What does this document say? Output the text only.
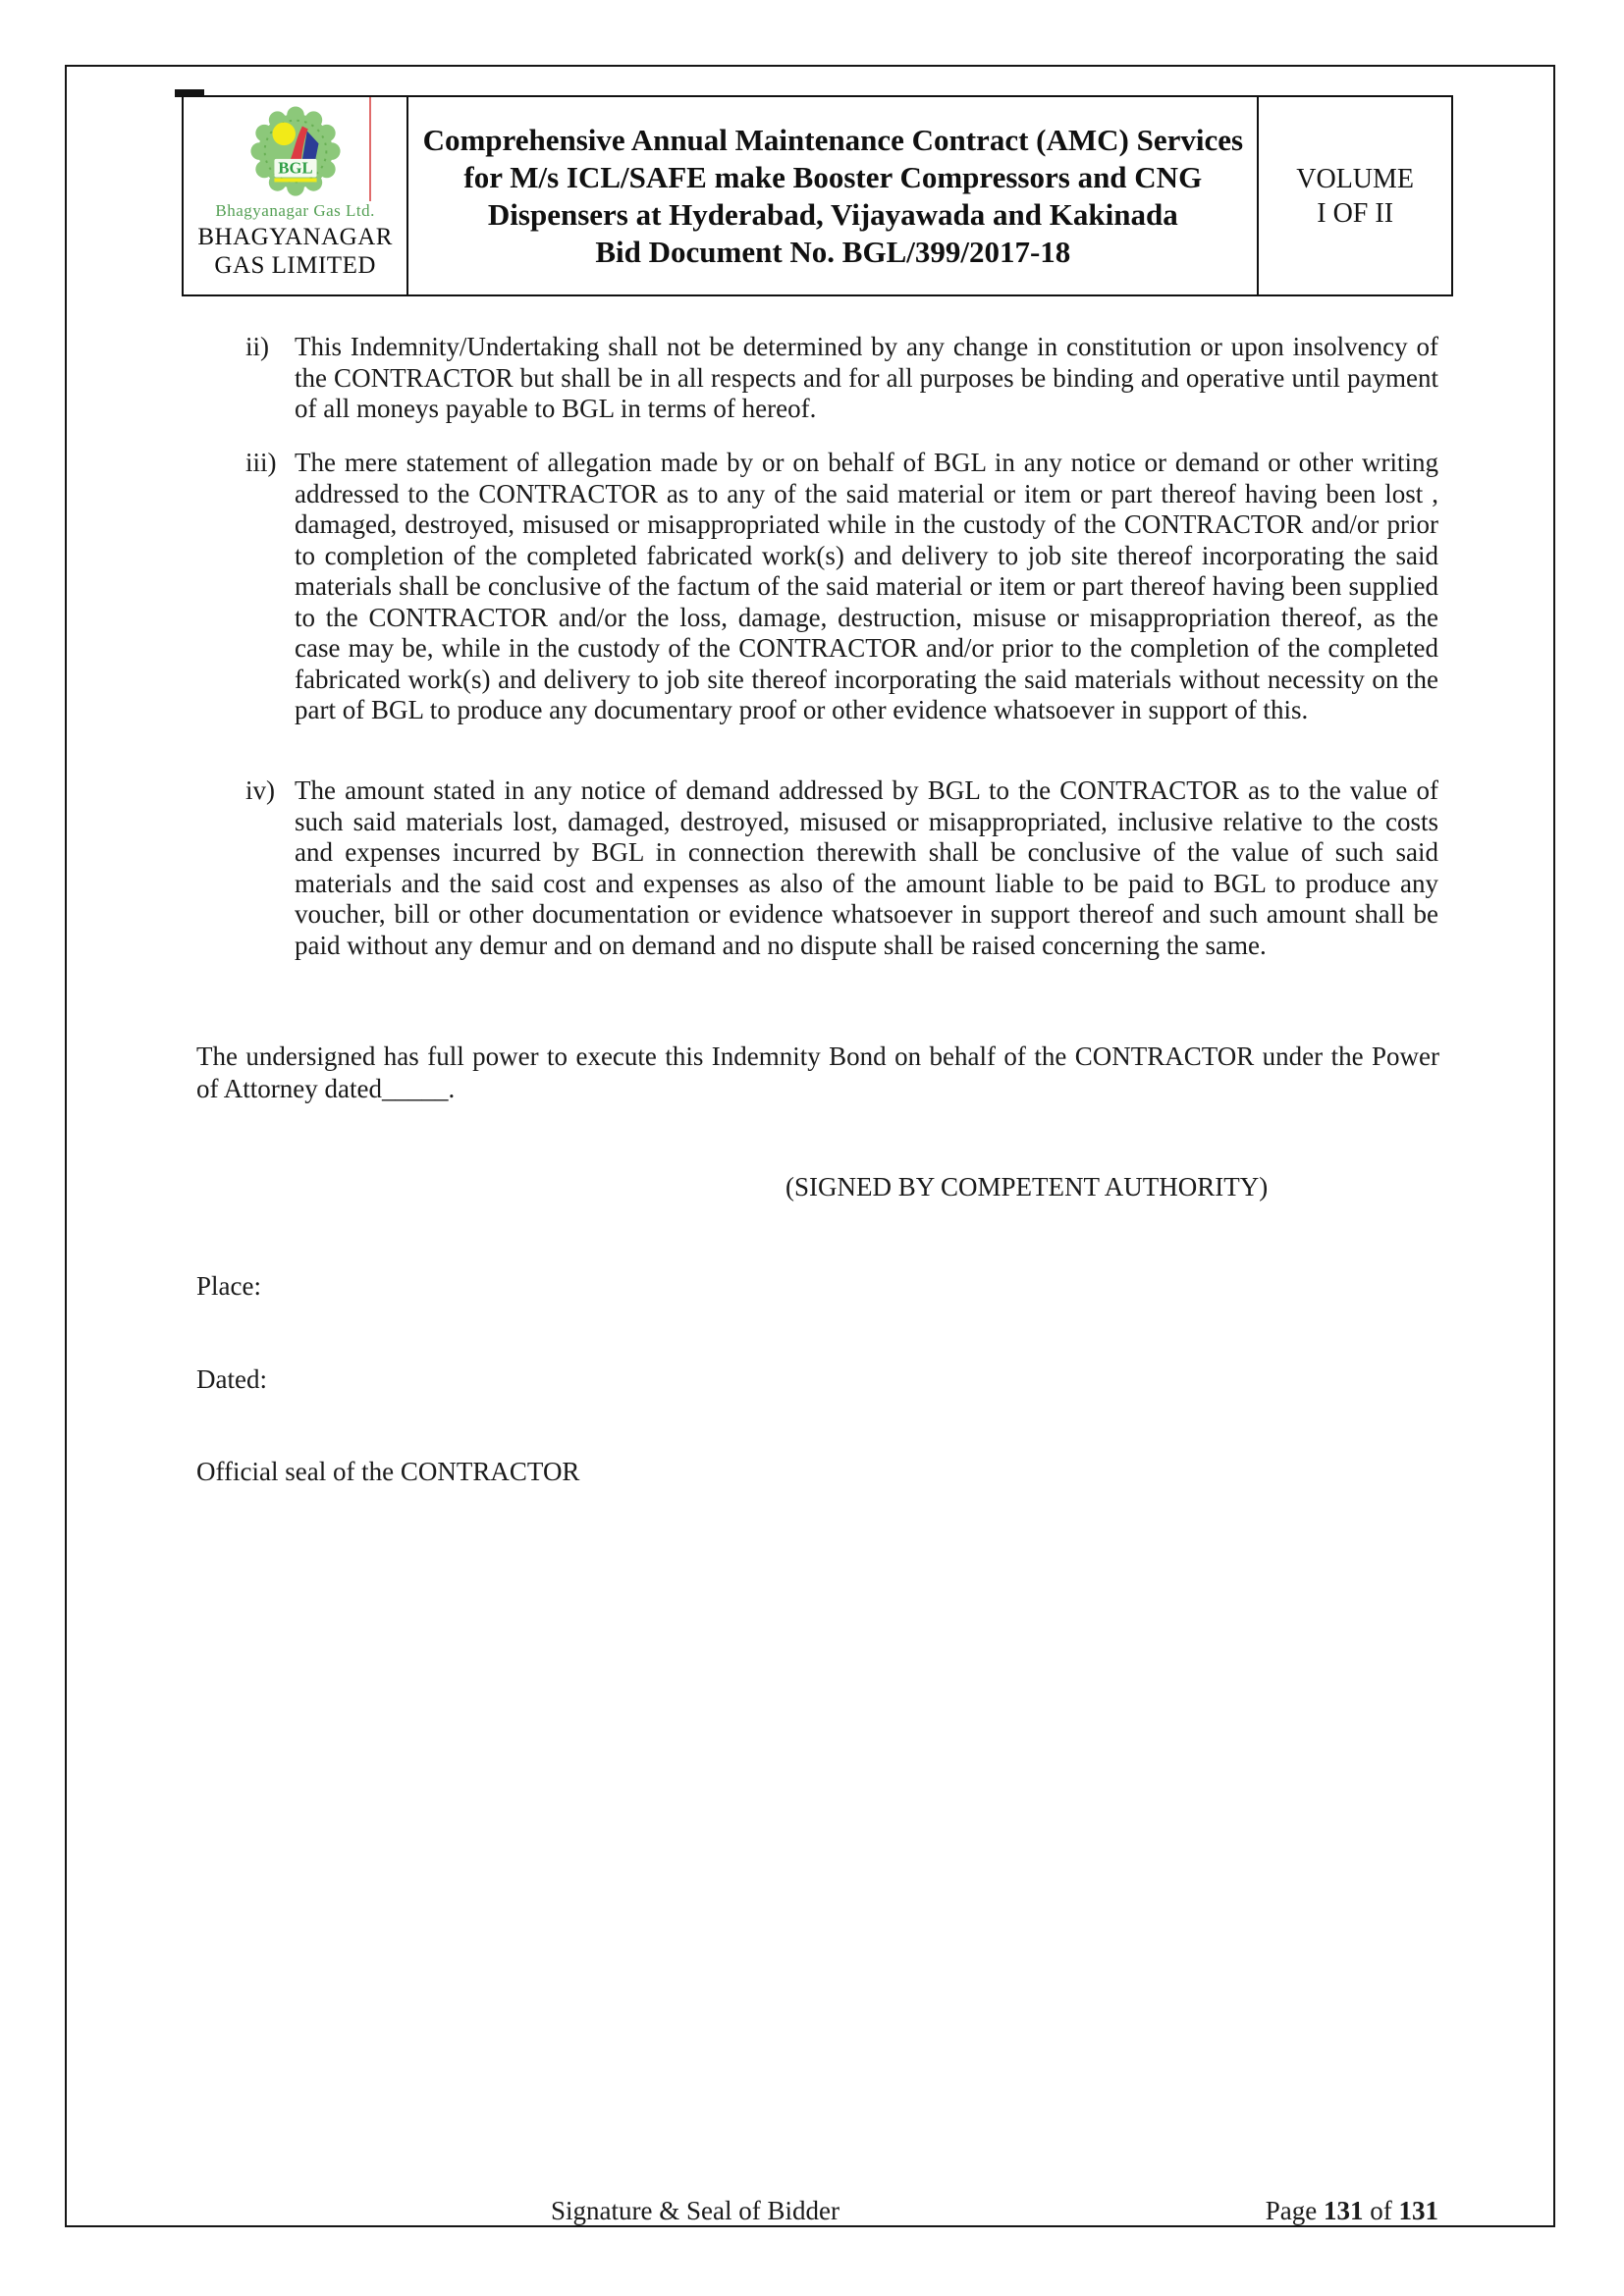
BGL
Bhagyanagar Gas Ltd.
BHAGYANAGAR
GAS LIMITED
Comprehensive Annual Maintenance Contract (AMC) Services for M/s ICL/SAFE make Booster Compressors and CNG Dispensers at Hyderabad, Vijayawada and Kakinada
Bid Document No. BGL/399/2017-18
VOLUME
I OF II
ii) This Indemnity/Undertaking shall not be determined by any change in constitution or upon insolvency of the CONTRACTOR but shall be in all respects and for all purposes be binding and operative until payment of all moneys payable to BGL in terms of hereof.
iii) The mere statement of allegation made by or on behalf of BGL in any notice or demand or other writing addressed to the CONTRACTOR as to any of the said material or item or part thereof having been lost , damaged, destroyed, misused or misappropriated while in the custody of the CONTRACTOR and/or prior to completion of the completed fabricated work(s) and delivery to job site thereof incorporating the said materials shall be conclusive of the factum of the said material or item or part thereof having been supplied to the CONTRACTOR and/or the loss, damage, destruction, misuse or misappropriation thereof, as the case may be, while in the custody of the CONTRACTOR and/or prior to the completion of the completed fabricated work(s) and delivery to job site thereof incorporating the said materials without necessity on the part of BGL to produce any documentary proof or other evidence whatsoever in support of this.
iv) The amount stated in any notice of demand addressed by BGL to the CONTRACTOR as to the value of such said materials lost, damaged, destroyed, misused or misappropriated, inclusive relative to the costs and expenses incurred by BGL in connection therewith shall be conclusive of the value of such said materials and the said cost and expenses as also of the amount liable to be paid to BGL to produce any voucher, bill or other documentation or evidence whatsoever in support thereof and such amount shall be paid without any demur and on demand and no dispute shall be raised concerning the same.
The undersigned has full power to execute this Indemnity Bond on behalf of the CONTRACTOR under the Power of Attorney dated_____.
(SIGNED BY COMPETENT AUTHORITY)
Place:
Dated:
Official seal of the CONTRACTOR
Signature & Seal of Bidder	Page 131 of 131
